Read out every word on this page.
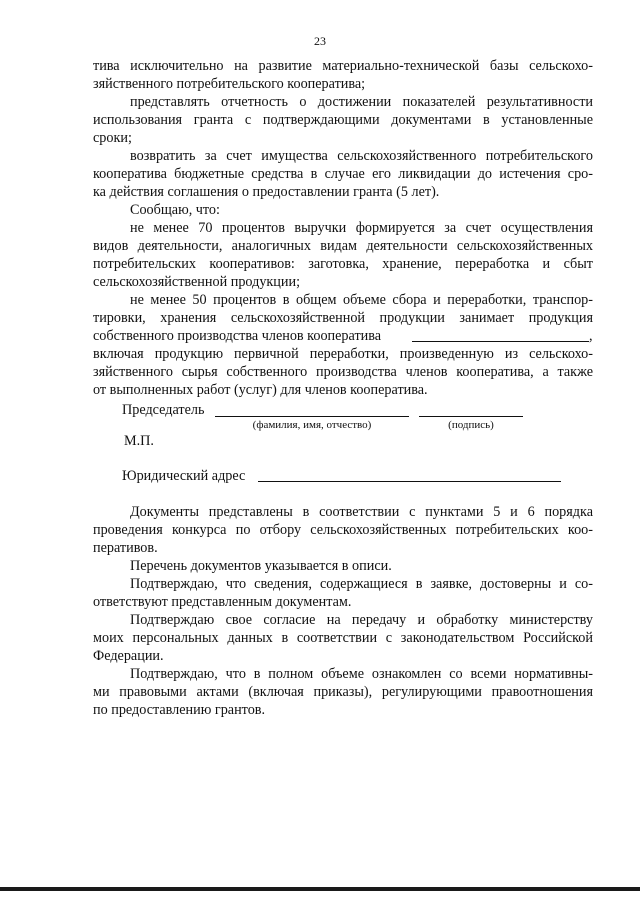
23
тива исключительно на развитие материально-технической базы сельскохо-
зяйственного потребительского кооператива;
представлять отчетность о достижении показателей результативности
использования гранта с подтверждающими документами в установленные
сроки;
возвратить за счет имущества сельскохозяйственного потребительского
кооператива бюджетные средства в случае его ликвидации до истечения сро-
ка действия соглашения о предоставлении гранта (5 лет).
Сообщаю, что:
не менее 70 процентов выручки формируется за счет осуществления
видов деятельности, аналогичных видам деятельности сельскохозяйственных
потребительских кооперативов: заготовка, хранение, переработка и сбыт
сельскохозяйственной продукции;
не менее 50 процентов в общем объеме сбора и переработки, транспор-
тировки, хранения сельскохозяйственной продукции занимает продукция
собственного производства членов кооператива	,
включая продукцию первичной переработки, произведенную из сельскохо-
зяйственного сырья собственного производства членов кооператива, а также
от выполненных работ (услуг) для членов кооператива.
Председатель
(фамилия, имя, отчество)	(подпись)
М.П.
Юридический адрес
Документы представлены в соответствии с пунктами 5 и 6 порядка
проведения конкурса по отбору сельскохозяйственных потребительских коо-
перативов.
Перечень документов указывается в описи.
Подтверждаю, что сведения, содержащиеся в заявке, достоверны и со-
ответствуют представленным документам.
Подтверждаю свое согласие на передачу и обработку министерству
моих персональных данных в соответствии с законодательством Российской
Федерации.
Подтверждаю, что в полном объеме ознакомлен со всеми нормативны-
ми правовыми актами (включая приказы), регулирующими правоотношения
по предоставлению грантов.
